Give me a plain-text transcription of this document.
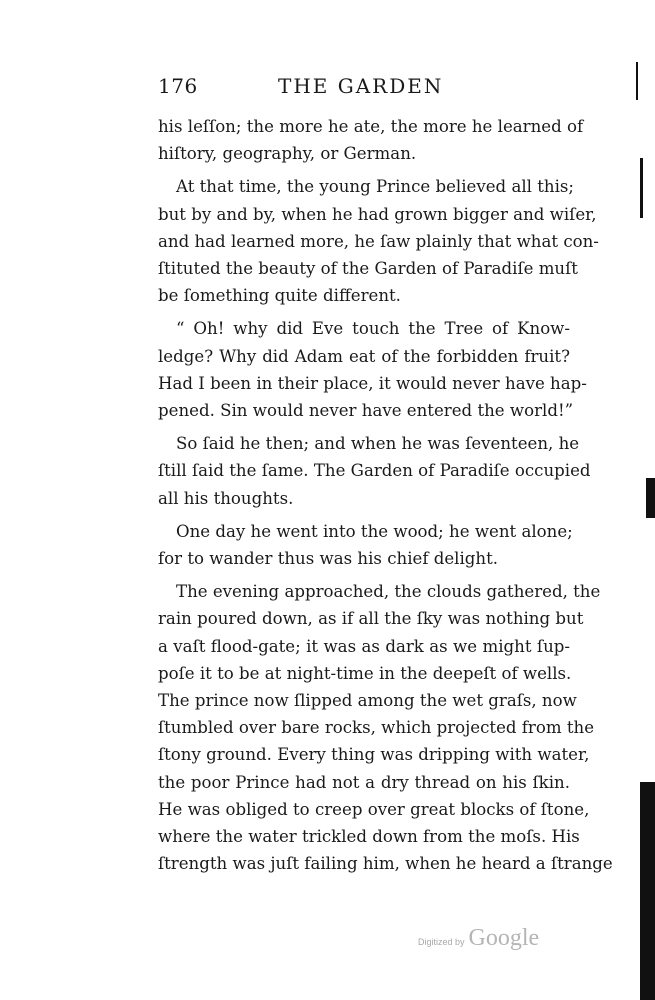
176	THE GARDEN

his leſſon; the more he ate, the more he learned of
hiſtory, geography, or German.

At that time, the young Prince believed all this;
but by and by, when he had grown bigger and wiſer,
and had learned more, he ſaw plainly that what con-
ſtituted the beauty of the Garden of Paradiſe muſt
be ſomething quite different.

“ Oh! why did Eve touch the Tree of Know-
ledge? Why did Adam eat of the forbidden fruit?
Had I been in their place, it would never have hap-
pened. Sin would never have entered the world!”

So ſaid he then; and when he was ſeventeen, he
ſtill ſaid the ſame. The Garden of Paradiſe occupied
all his thoughts.

One day he went into the wood; he went alone;
for to wander thus was his chief delight.

The evening approached, the clouds gathered, the
rain poured down, as if all the ſky was nothing but
a vaſt flood-gate; it was as dark as we might ſup-
poſe it to be at night-time in the deepeſt of wells.
The prince now ſlipped among the wet graſs, now
ſtumbled over bare rocks, which projected from the
ſtony ground. Every thing was dripping with water,
the poor Prince had not a dry thread on his ſkin.
He was obliged to creep over great blocks of ſtone,
where the water trickled down from the moſs. His
ſtrength was juſt failing him, when he heard a ſtrange

Digitized by Google
